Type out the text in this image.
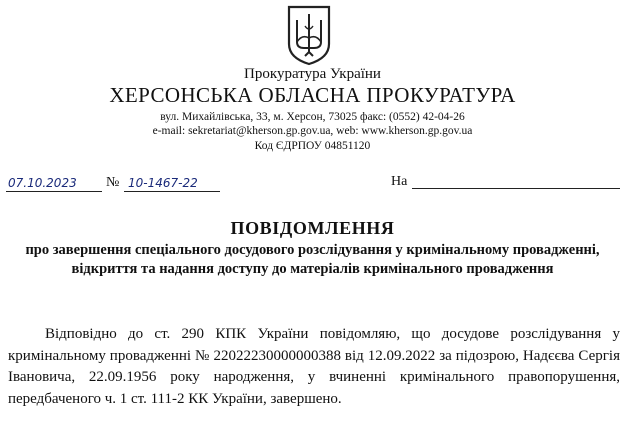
Прокуратура України
ХЕРСОНСЬКА ОБЛАСНА ПРОКУРАТУРА
вул. Михайлівська, 33, м. Херсон, 73025 факс: (0552) 42-04-26
e-mail: sekretariat@kherson.gp.gov.ua, web: www.kherson.gp.gov.ua
Код ЄДРПОУ 04851120
07.10.2023 № 10-1467-22	На
ПОВІДОМЛЕННЯ
про завершення спеціального досудового розслідування у кримінальному провадженні, відкриття та надання доступу до матеріалів кримінального провадження
Відповідно до ст. 290 КПК України повідомляю, що досудове розслідування у кримінальному провадженні № 22022230000000388 від 12.09.2022 за підозрою, Надєєва Сергія Івановича, 22.09.1956 року народження, у вчиненні кримінального правопорушення, передбаченого ч. 1 ст. 111-2 КК України, завершено.
